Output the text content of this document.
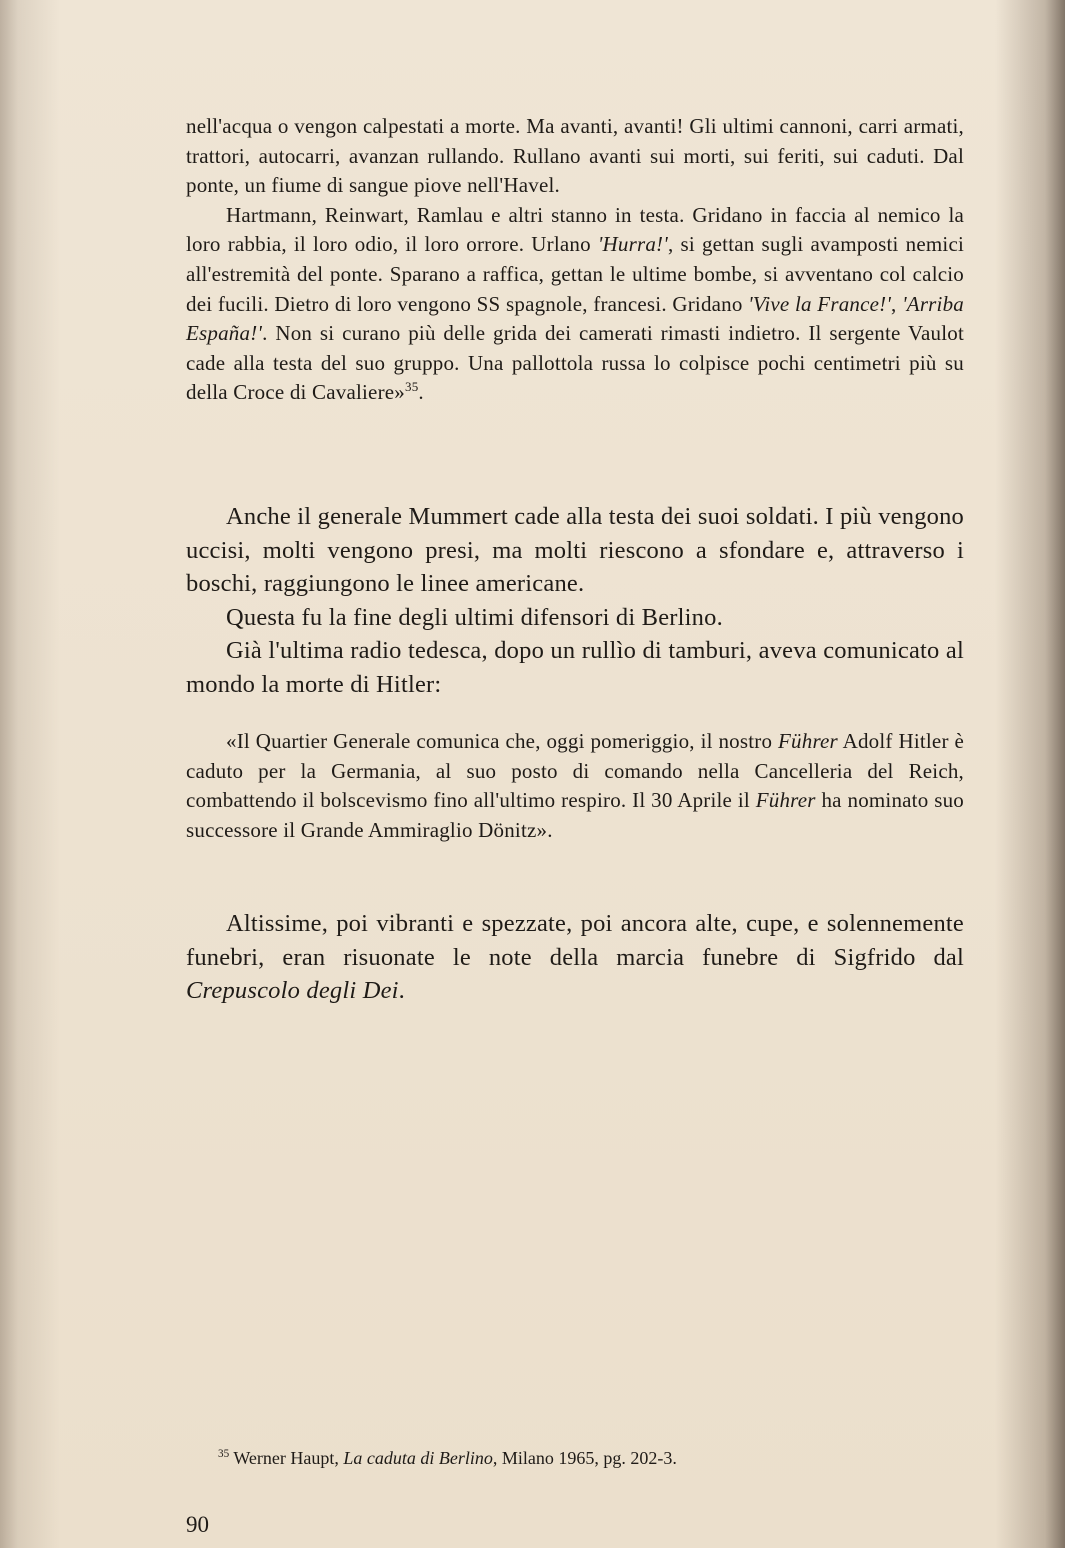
nell'acqua o vengon calpestati a morte. Ma avanti, avanti! Gli ultimi cannoni, carri armati, trattori, autocarri, avanzan rullando. Rullano avanti sui morti, sui feriti, sui caduti. Dal ponte, un fiume di sangue piove nell'Havel.

Hartmann, Reinwart, Ramlau e altri stanno in testa. Gridano in faccia al nemico la loro rabbia, il loro odio, il loro orrore. Urlano 'Hurra!', si gettan sugli avamposti nemici all'estremità del ponte. Sparano a raffica, gettan le ultime bombe, si avventano col calcio dei fucili. Dietro di loro vengono SS spagnole, francesi. Gridano 'Vive la France!', 'Arriba España!'. Non si curano più delle grida dei camerati rimasti indietro. Il sergente Vaulot cade alla testa del suo gruppo. Una pallottola russa lo colpisce pochi centimetri più su della Croce di Cavaliere»$^{35}$.

Anche il generale Mummert cade alla testa dei suoi soldati. I più vengono uccisi, molti vengono presi, ma molti riescono a sfondare e, attraverso i boschi, raggiungono le linee americane.

Questa fu la fine degli ultimi difensori di Berlino.

Già l'ultima radio tedesca, dopo un rullìo di tamburi, aveva comunicato al mondo la morte di Hitler:

«Il Quartier Generale comunica che, oggi pomeriggio, il nostro Führer Adolf Hitler è caduto per la Germania, al suo posto di comando nella Cancelleria del Reich, combattendo il bolscevismo fino all'ultimo respiro. Il 30 Aprile il Führer ha nominato suo successore il Grande Ammiraglio Dönitz».

Altissime, poi vibranti e spezzate, poi ancora alte, cupe, e solennemente funebri, eran risuonate le note della marcia funebre di Sigfrido dal Crepuscolo degli Dei.

$^{35}$ Werner Haupt, La caduta di Berlino, Milano 1965, pg. 202-3.

90
